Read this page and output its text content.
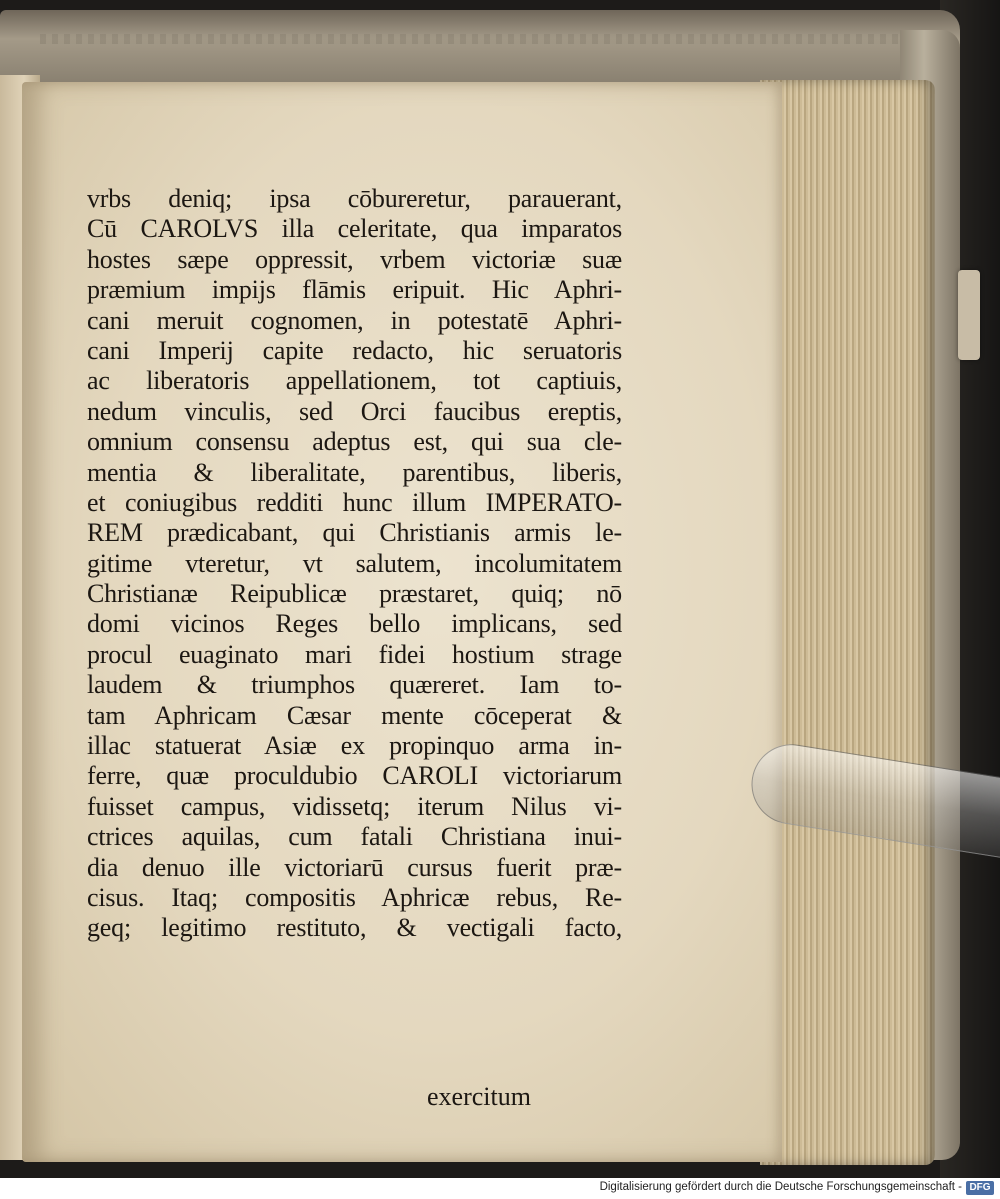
vrbs deniq; ipsa cōbureretur, parauerant,
Cū CAROLVS illa celeritate, qua imparatos
hostes sæpe oppressit, vrbem victoriæ suæ
præmium impijs flāmis eripuit. Hic Aphri-
cani meruit cognomen, in potestatē Aphri-
cani Imperij capite redacto, hic seruatoris
ac liberatoris appellationem, tot captiuis,
nedum vinculis, sed Orci faucibus ereptis,
omnium consensu adeptus est, qui sua cle-
mentia & liberalitate, parentibus, liberis,
et coniugibus redditi hunc illum IMPERATO-
REM prædicabant, qui Christianis armis le-
gitime vteretur, vt salutem, incolumitatem
Christianæ Reipublicæ præstaret, quiq; nō
domi vicinos Reges bello implicans, sed
procul euaginato mari fidei hostium strage
laudem & triumphos quæreret. Iam to-
tam Aphricam Cæsar mente cōceperat &
illac statuerat Asiæ ex propinquo arma in-
ferre, quæ proculdubio CAROLI victoriarum
fuisset campus, vidissetq; iterum Nilus vi-
ctrices aquilas, cum fatali Christiana inui-
dia denuo ille victoriarū cursus fuerit præ-
cisus. Itaq; compositis Aphricæ rebus, Re-
geq; legitimo restituto, & vectigali facto,
exercitum
Digitalisierung gefördert durch die Deutsche Forschungsgemeinschaft - DFG
